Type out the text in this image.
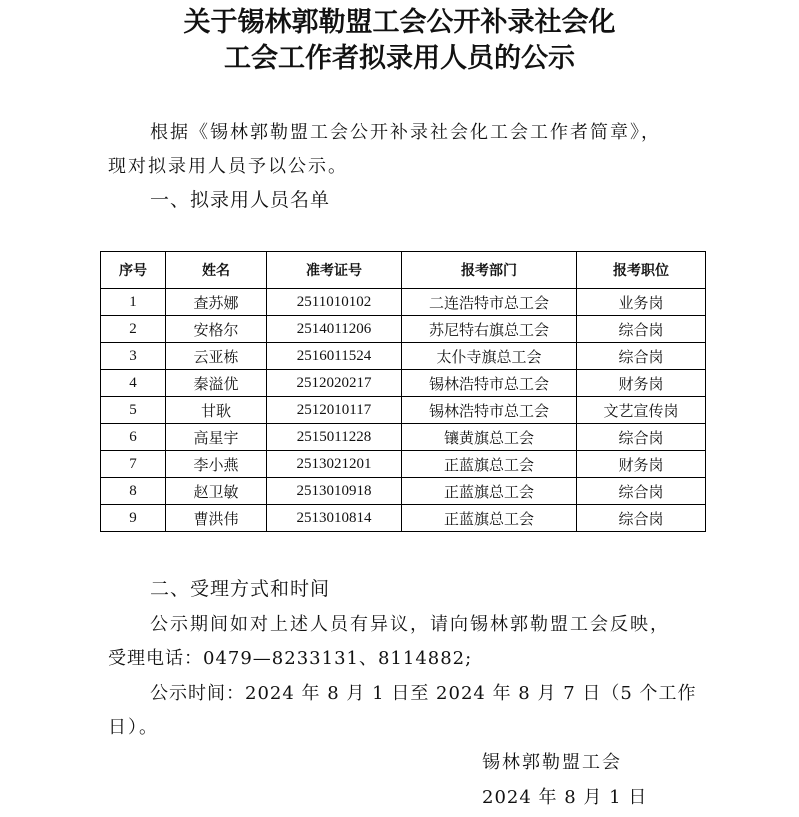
关于锡林郭勒盟工会公开补录社会化
工会工作者拟录用人员的公示
根据《锡林郭勒盟工会公开补录社会化工会工作者简章》，
现对拟录用人员予以公示。
一、拟录用人员名单
序号	姓名	准考证号	报考部门	报考职位
1	查苏娜	2511010102	二连浩特市总工会	业务岗
2	安格尔	2514011206	苏尼特右旗总工会	综合岗
3	云亚栋	2516011524	太仆寺旗总工会	综合岗
4	秦溢优	2512020217	锡林浩特市总工会	财务岗
5	甘耿	2512010117	锡林浩特市总工会	文艺宣传岗
6	高星宇	2515011228	镶黄旗总工会	综合岗
7	李小燕	2513021201	正蓝旗总工会	财务岗
8	赵卫敏	2513010918	正蓝旗总工会	综合岗
9	曹洪伟	2513010814	正蓝旗总工会	综合岗
二、受理方式和时间
公示期间如对上述人员有异议，请向锡林郭勒盟工会反映，
受理电话：0479—8233131、8114882;
公示时间：2024 年 8 月 1 日至 2024 年 8 月 7 日（5 个工作
日）。
锡林郭勒盟工会
2024 年 8 月 1 日
